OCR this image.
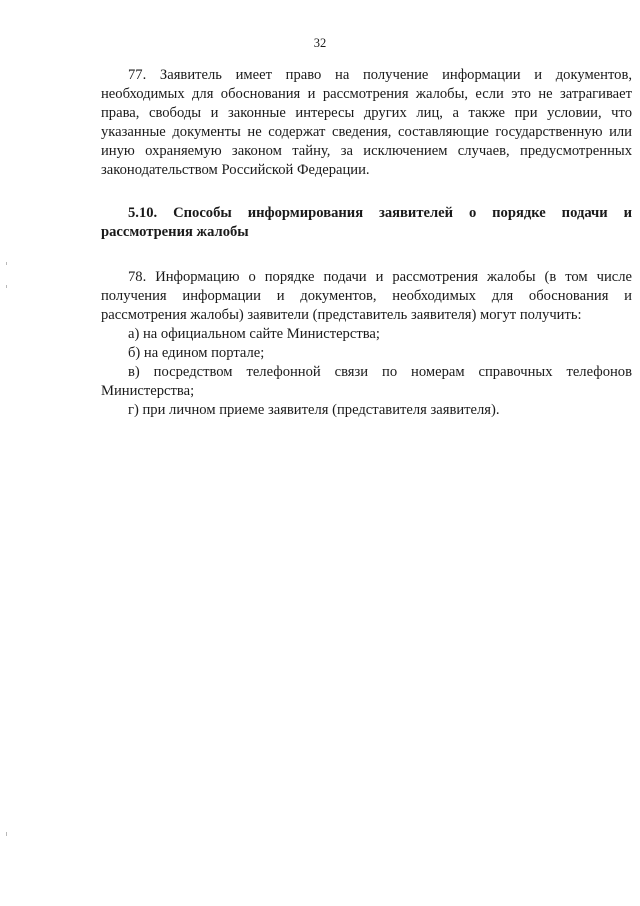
32

77. Заявитель имеет право на получение информации и документов, необходимых для обоснования и рассмотрения жалобы, если это не затрагивает права, свободы и законные интересы других лиц, а также при условии, что указанные документы не содержат сведения, составляющие государственную или иную охраняемую законом тайну, за исключением случаев, предусмотренных законодательством Российской Федерации.

5.10. Способы информирования заявителей о порядке подачи и рассмотрения жалобы

78. Информацию о порядке подачи и рассмотрения жалобы (в том числе получения информации и документов, необходимых для обоснования и рассмотрения жалобы) заявители (представитель заявителя) могут получить:

а) на официальном сайте Министерства;

б) на едином портале;

в) посредством телефонной связи по номерам справочных телефонов Министерства;

г) при личном приеме заявителя (представителя заявителя).
